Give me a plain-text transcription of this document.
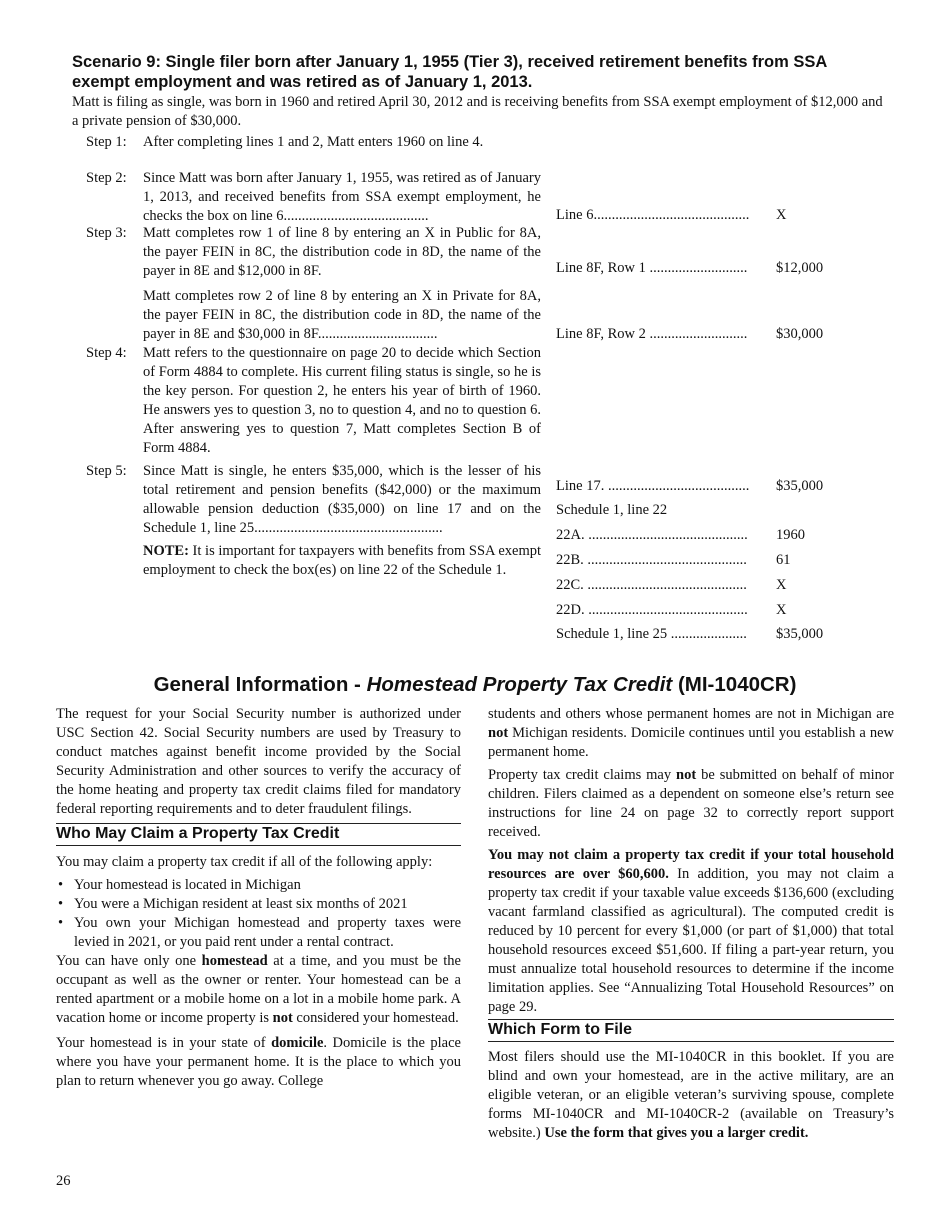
Scenario 9: Single filer born after January 1, 1955 (Tier 3), received retirement benefits from SSA exempt employment and was retired as of January 1, 2013.
Matt is filing as single, was born in 1960 and retired April 30, 2012 and is receiving benefits from SSA exempt employment of $12,000 and a private pension of $30,000.
Step 1:	After completing lines 1 and 2, Matt enters 1960 on line 4.
Step 2:	Since Matt was born after January 1, 1955, was retired as of January 1, 2013, and received benefits from SSA exempt employment, he checks the box on line 6........................................
Step 3:	Matt completes row 1 of line 8 by entering an X in Public for 8A, the payer FEIN in 8C, the distribution code in 8D, the name of the payer in 8E and $12,000 in 8F.
Matt completes row 2 of line 8 by entering an X in Private for 8A, the payer FEIN in 8C, the distribution code in 8D, the name of the payer in 8E and $30,000 in 8F.................................
Step 4:	Matt refers to the questionnaire on page 20 to decide which Section of Form 4884 to complete. His current filing status is single, so he is the key person. For question 2, he enters his year of birth of 1960. He answers yes to question 3, no to question 4, and no to question 6. After answering yes to question 7, Matt completes Section B of Form 4884.
Step 5:	Since Matt is single, he enters $35,000, which is the lesser of his total retirement and pension benefits ($42,000) or the maximum allowable pension deduction ($35,000) on line 17 and on the Schedule 1, line 25....................................................
NOTE: It is important for taxpayers with benefits from SSA exempt employment to check the box(es) on line 22 of the Schedule 1.
Line 6...........................................	X
Line 8F, Row 1 ...........................	$12,000
Line 8F, Row 2 ...........................	$30,000
Line 17. .......................................	$35,000
Schedule 1, line 22
22A. ............................................	1960
22B. ............................................	61
22C. ............................................	X
22D. ............................................	X
Schedule 1, line 25 .....................	$35,000
General Information - Homestead Property Tax Credit (MI-1040CR)
The request for your Social Security number is authorized under USC Section 42. Social Security numbers are used by Treasury to conduct matches against benefit income provided by the Social Security Administration and other sources to verify the accuracy of the home heating and property tax credit claims filed for mandatory federal reporting requirements and to deter fraudulent filings.
Who May Claim a Property Tax Credit
You may claim a property tax credit if all of the following apply:
• Your homestead is located in Michigan
• You were a Michigan resident at least six months of 2021
• You own your Michigan homestead and property taxes were levied in 2021, or you paid rent under a rental contract.
You can have only one homestead at a time, and you must be the occupant as well as the owner or renter. Your homestead can be a rented apartment or a mobile home on a lot in a mobile home park. A vacation home or income property is not considered your homestead.
Your homestead is in your state of domicile. Domicile is the place where you have your permanent home. It is the place to which you plan to return whenever you go away. College
students and others whose permanent homes are not in Michigan are not Michigan residents. Domicile continues until you establish a new permanent home.
Property tax credit claims may not be submitted on behalf of minor children. Filers claimed as a dependent on someone else’s return see instructions for line 24 on page 32 to correctly report support received.
You may not claim a property tax credit if your total household resources are over $60,600. In addition, you may not claim a property tax credit if your taxable value exceeds $136,600 (excluding vacant farmland classified as agricultural). The computed credit is reduced by 10 percent for every $1,000 (or part of $1,000) that total household resources exceed $51,600. If filing a part-year return, you must annualize total household resources to determine if the income limitation applies. See “Annualizing Total Household Resources” on page 29.
Which Form to File
Most filers should use the MI-1040CR in this booklet. If you are blind and own your homestead, are in the active military, are an eligible veteran, or an eligible veteran’s surviving spouse, complete forms MI-1040CR and MI-1040CR-2 (available on Treasury’s website.) Use the form that gives you a larger credit.
26
